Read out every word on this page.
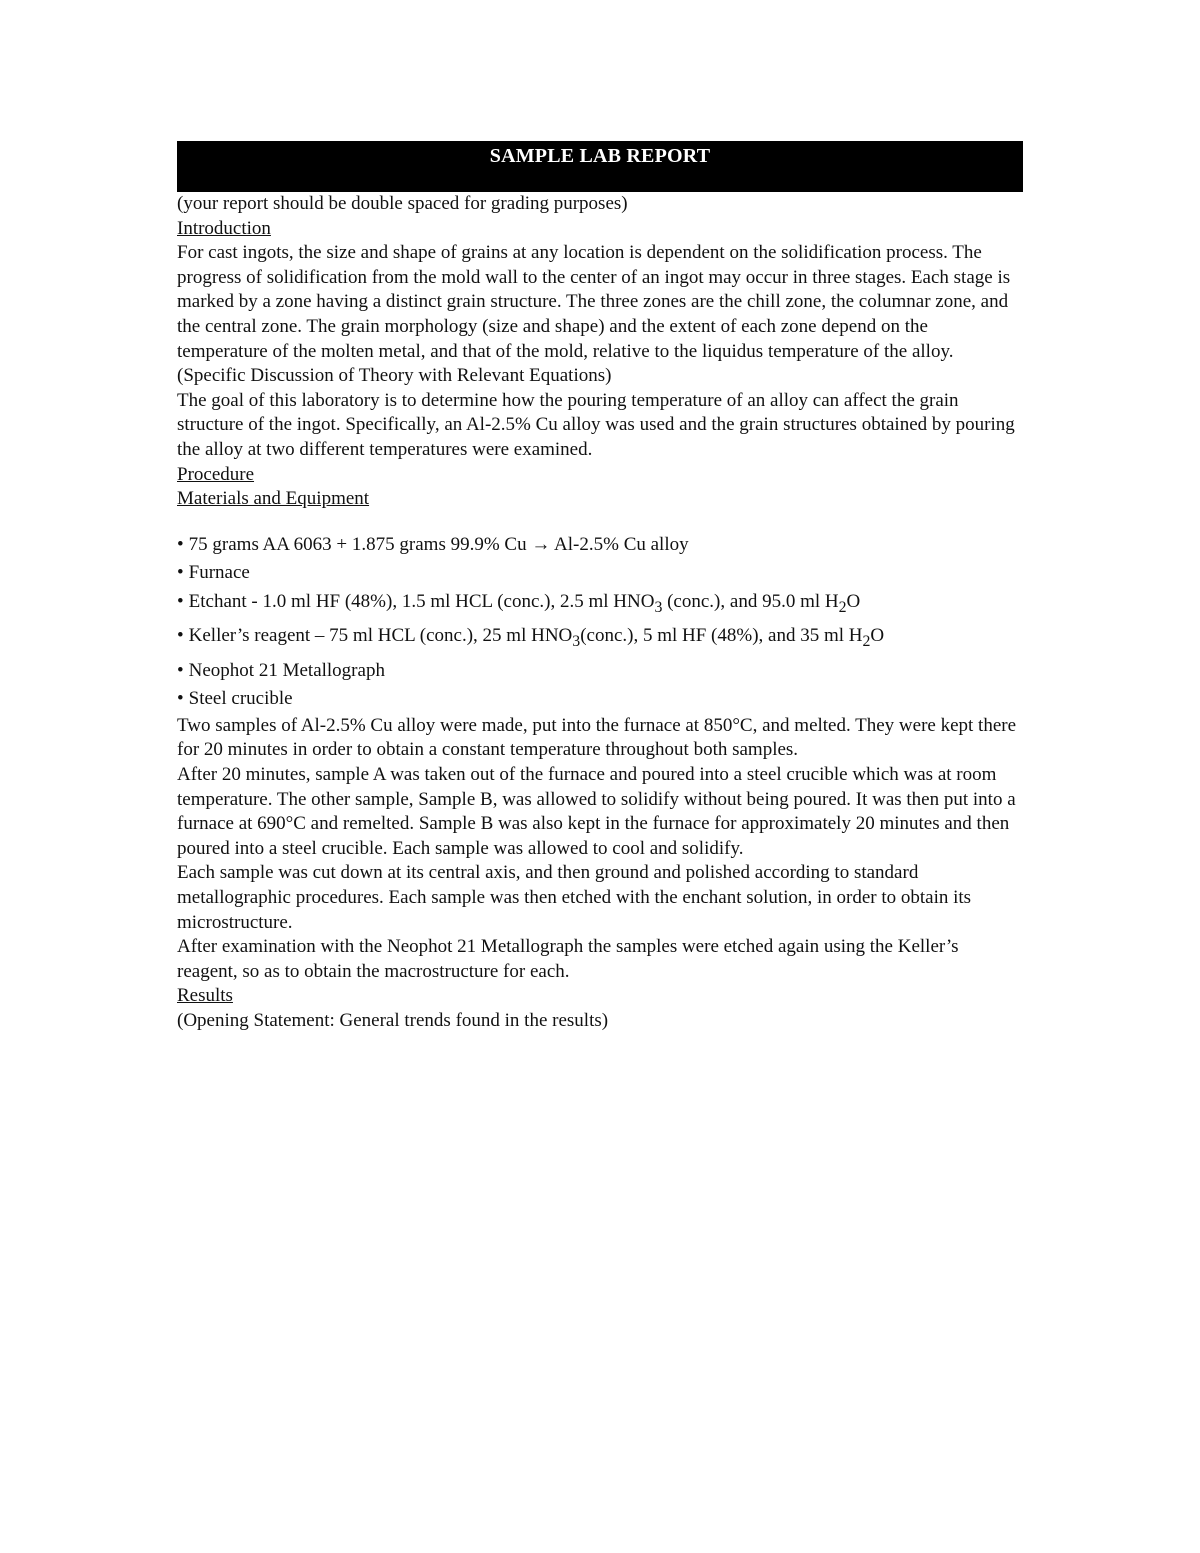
SAMPLE LAB REPORT

(your report should be double spaced for grading purposes)

Introduction

For cast ingots, the size and shape of grains at any location is dependent on the solidification process. The progress of solidification from the mold wall to the center of an ingot may occur in three stages. Each stage is marked by a zone having a distinct grain structure. The three zones are the chill zone, the columnar zone, and the central zone. The grain morphology (size and shape) and the extent of each zone depend on the temperature of the molten metal, and that of the mold, relative to the liquidus temperature of the alloy.

(Specific Discussion of Theory with Relevant Equations)

The goal of this laboratory is to determine how the pouring temperature of an alloy can affect the grain structure of the ingot. Specifically, an Al-2.5% Cu alloy was used and the grain structures obtained by pouring the alloy at two different temperatures were examined.

Procedure

Materials and Equipment

• 75 grams AA 6063 + 1.875 grams 99.9% Cu → Al-2.5% Cu alloy
• Furnace
• Etchant - 1.0 ml HF (48%), 1.5 ml HCL (conc.), 2.5 ml $HNO_3$ (conc.), and 95.0 ml $H_2O$
• Keller’s reagent – 75 ml HCL (conc.), 25 ml $HNO_3(conc.)$, 5 ml HF (48%), and 35 ml $H_2O$
• Neophot 21 Metallograph
• Steel crucible

Two samples of Al-2.5% Cu alloy were made, put into the furnace at 850°C, and melted. They were kept there for 20 minutes in order to obtain a constant temperature throughout both samples.

After 20 minutes, sample A was taken out of the furnace and poured into a steel crucible which was at room temperature. The other sample, Sample B, was allowed to solidify without being poured. It was then put into a furnace at 690°C and remelted. Sample B was also kept in the furnace for approximately 20 minutes and then poured into a steel crucible. Each sample was allowed to cool and solidify.

Each sample was cut down at its central axis, and then ground and polished according to standard metallographic procedures. Each sample was then etched with the enchant solution, in order to obtain its microstructure.

After examination with the Neophot 21 Metallograph the samples were etched again using the Keller’s reagent, so as to obtain the macrostructure for each.

Results

(Opening Statement: General trends found in the results)
